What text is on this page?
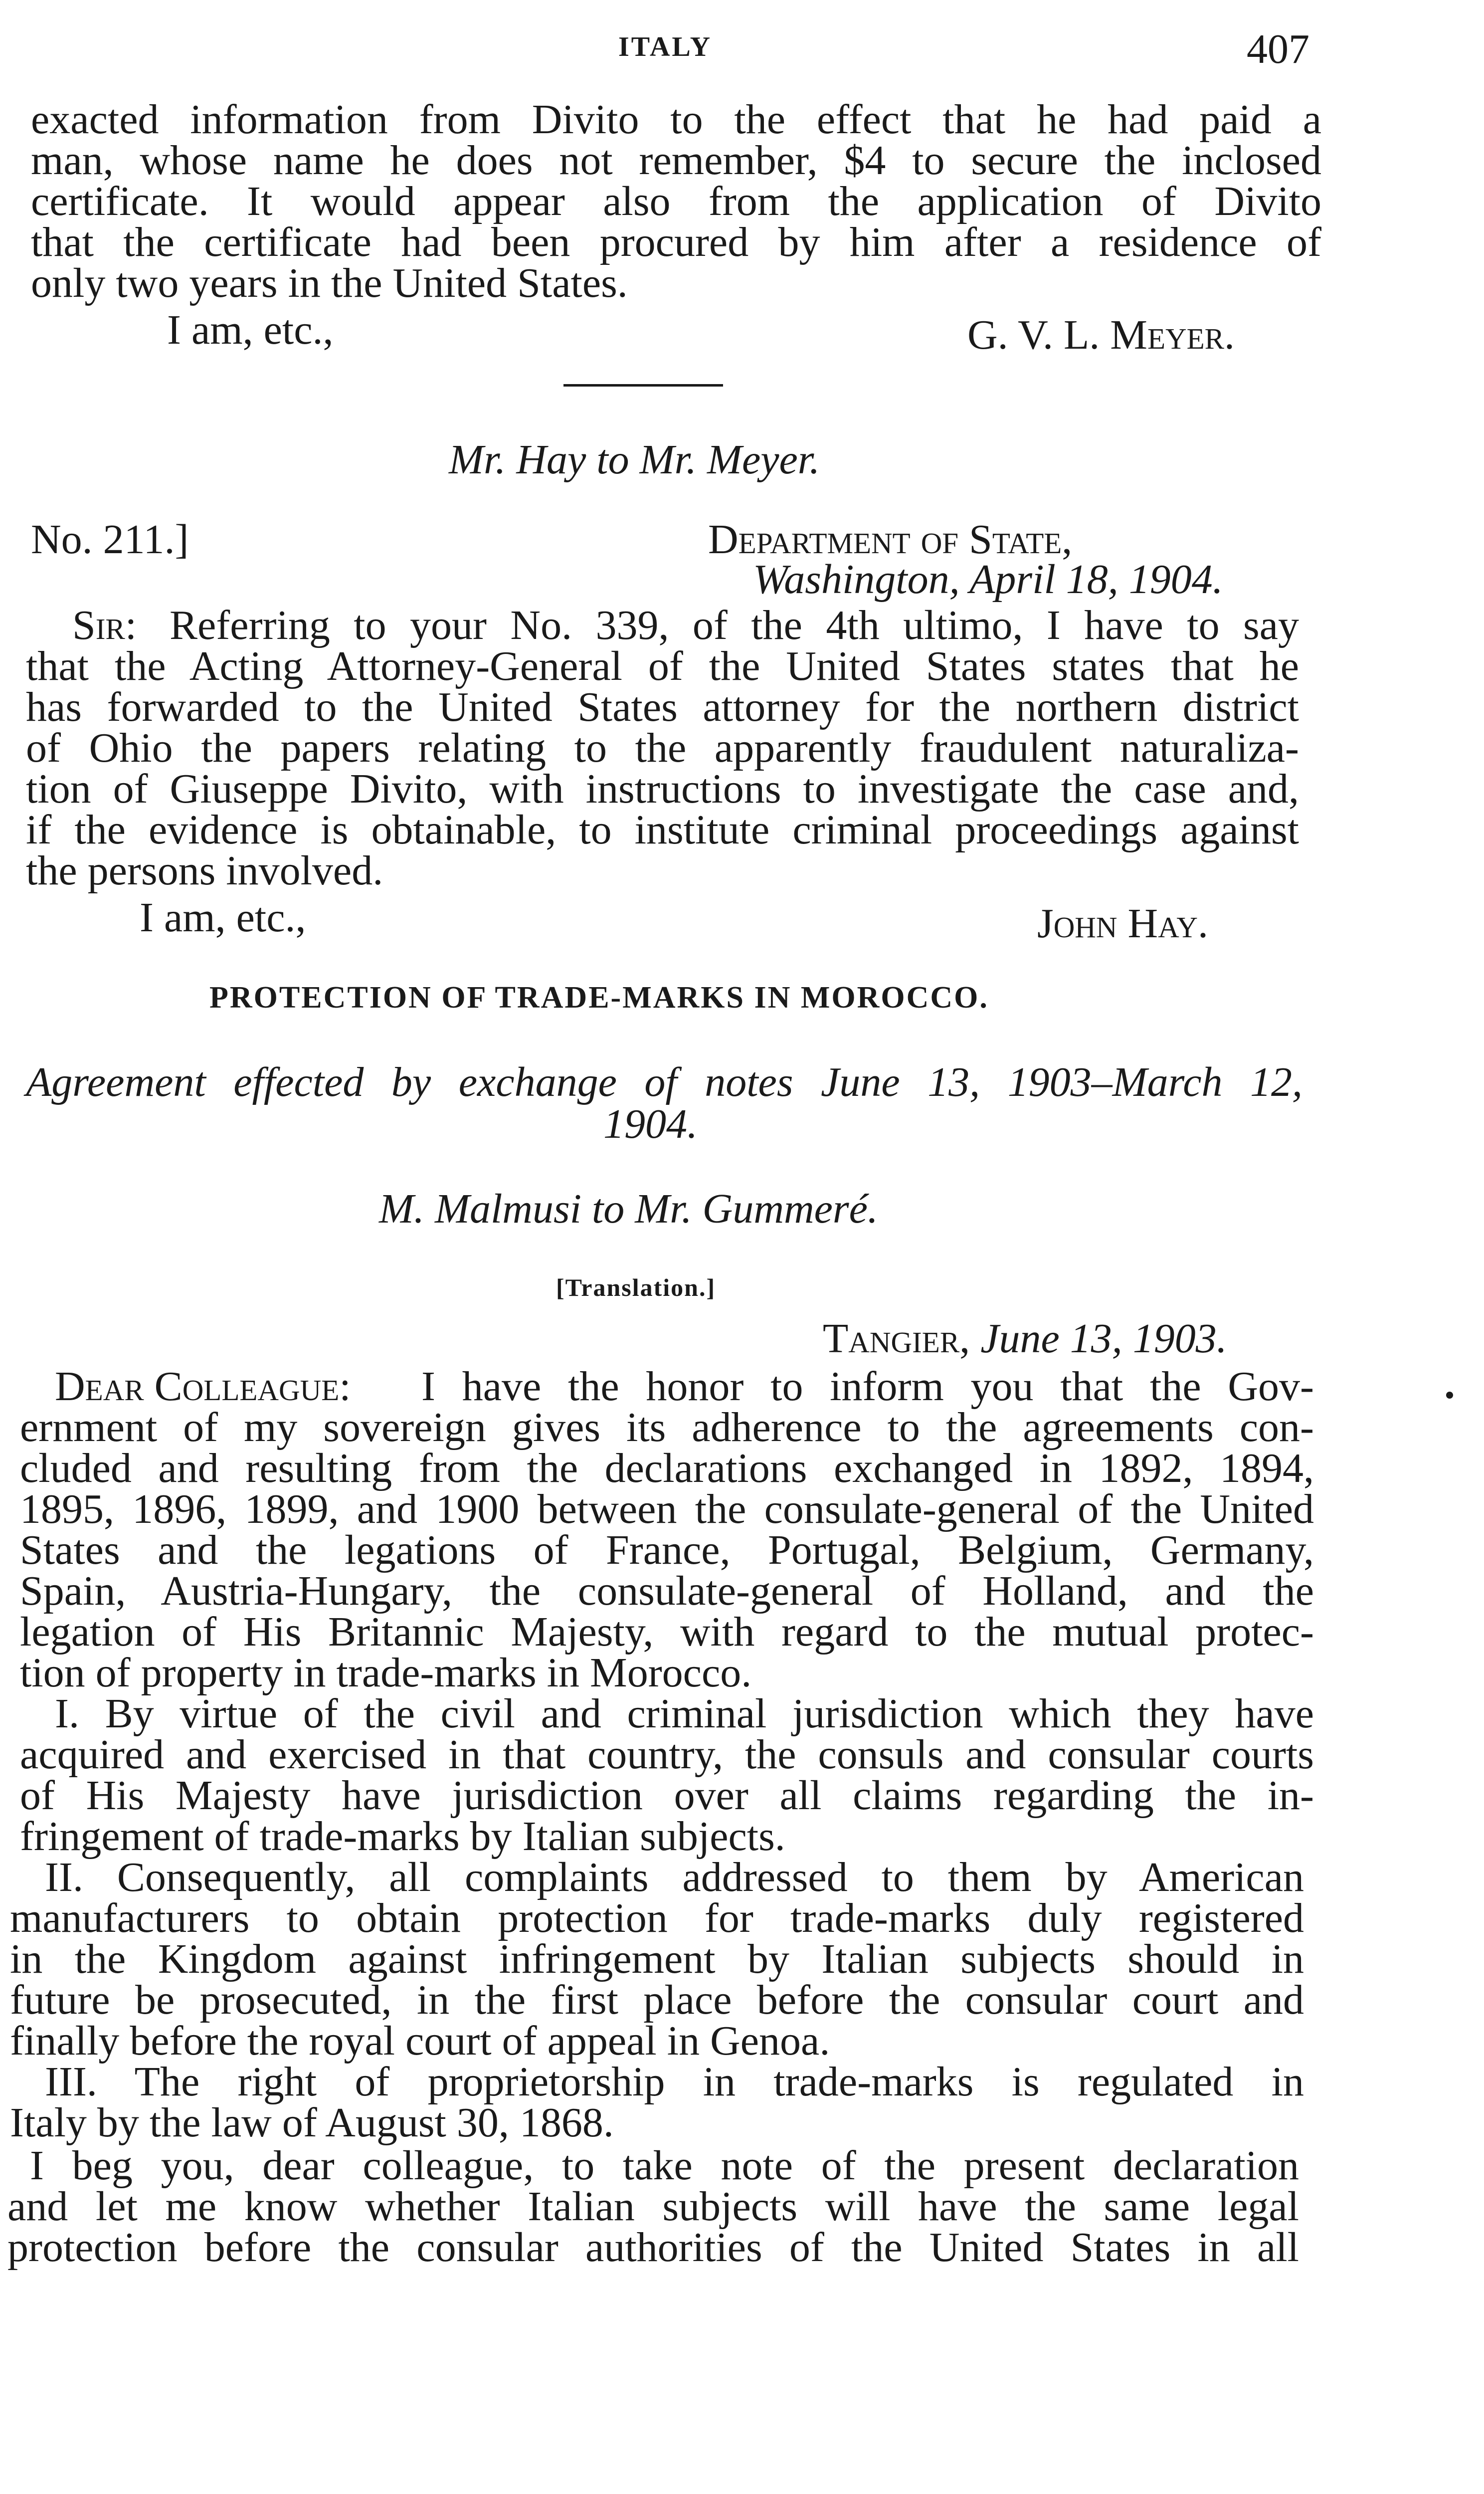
ITALY	407
exacted information from Divito to the effect that he had paid a
man, whose name he does not remember, $4 to secure the inclosed
certificate. It would appear also from the application of Divito
that the certificate had been procured by him after a residence of
only two years in the United States.
I am, etc.,	G. V. L. Meyer.
Mr. Hay to Mr. Meyer.
No. 211.]	Department of State,
Washington, April 18, 1904.
Sir: Referring to your No. 339, of the 4th ultimo, I have to say
that the Acting Attorney-General of the United States states that he
has forwarded to the United States attorney for the northern district
of Ohio the papers relating to the apparently fraudulent naturaliza-
tion of Giuseppe Divito, with instructions to investigate the case and,
if the evidence is obtainable, to institute criminal proceedings against
the persons involved.
I am, etc.,	John Hay.
PROTECTION OF TRADE-MARKS IN MOROCCO.
Agreement effected by exchange of notes June 13, 1903–March 12,
1904.
M. Malmusi to Mr. Gummeré.
[Translation.]
Tangier, June 13, 1903.
Dear Colleague: I have the honor to inform you that the Gov-
ernment of my sovereign gives its adherence to the agreements con-
cluded and resulting from the declarations exchanged in 1892, 1894,
1895, 1896, 1899, and 1900 between the consulate-general of the United
States and the legations of France, Portugal, Belgium, Germany,
Spain, Austria-Hungary, the consulate-general of Holland, and the
legation of His Britannic Majesty, with regard to the mutual protec-
tion of property in trade-marks in Morocco.
I. By virtue of the civil and criminal jurisdiction which they have
acquired and exercised in that country, the consuls and consular courts
of His Majesty have jurisdiction over all claims regarding the in-
fringement of trade-marks by Italian subjects.
II. Consequently, all complaints addressed to them by American
manufacturers to obtain protection for trade-marks duly registered
in the Kingdom against infringement by Italian subjects should in
future be prosecuted, in the first place before the consular court and
finally before the royal court of appeal in Genoa.
III. The right of proprietorship in trade-marks is regulated in
Italy by the law of August 30, 1868.
I beg you, dear colleague, to take note of the present declaration
and let me know whether Italian subjects will have the same legal
protection before the consular authorities of the United States in all
